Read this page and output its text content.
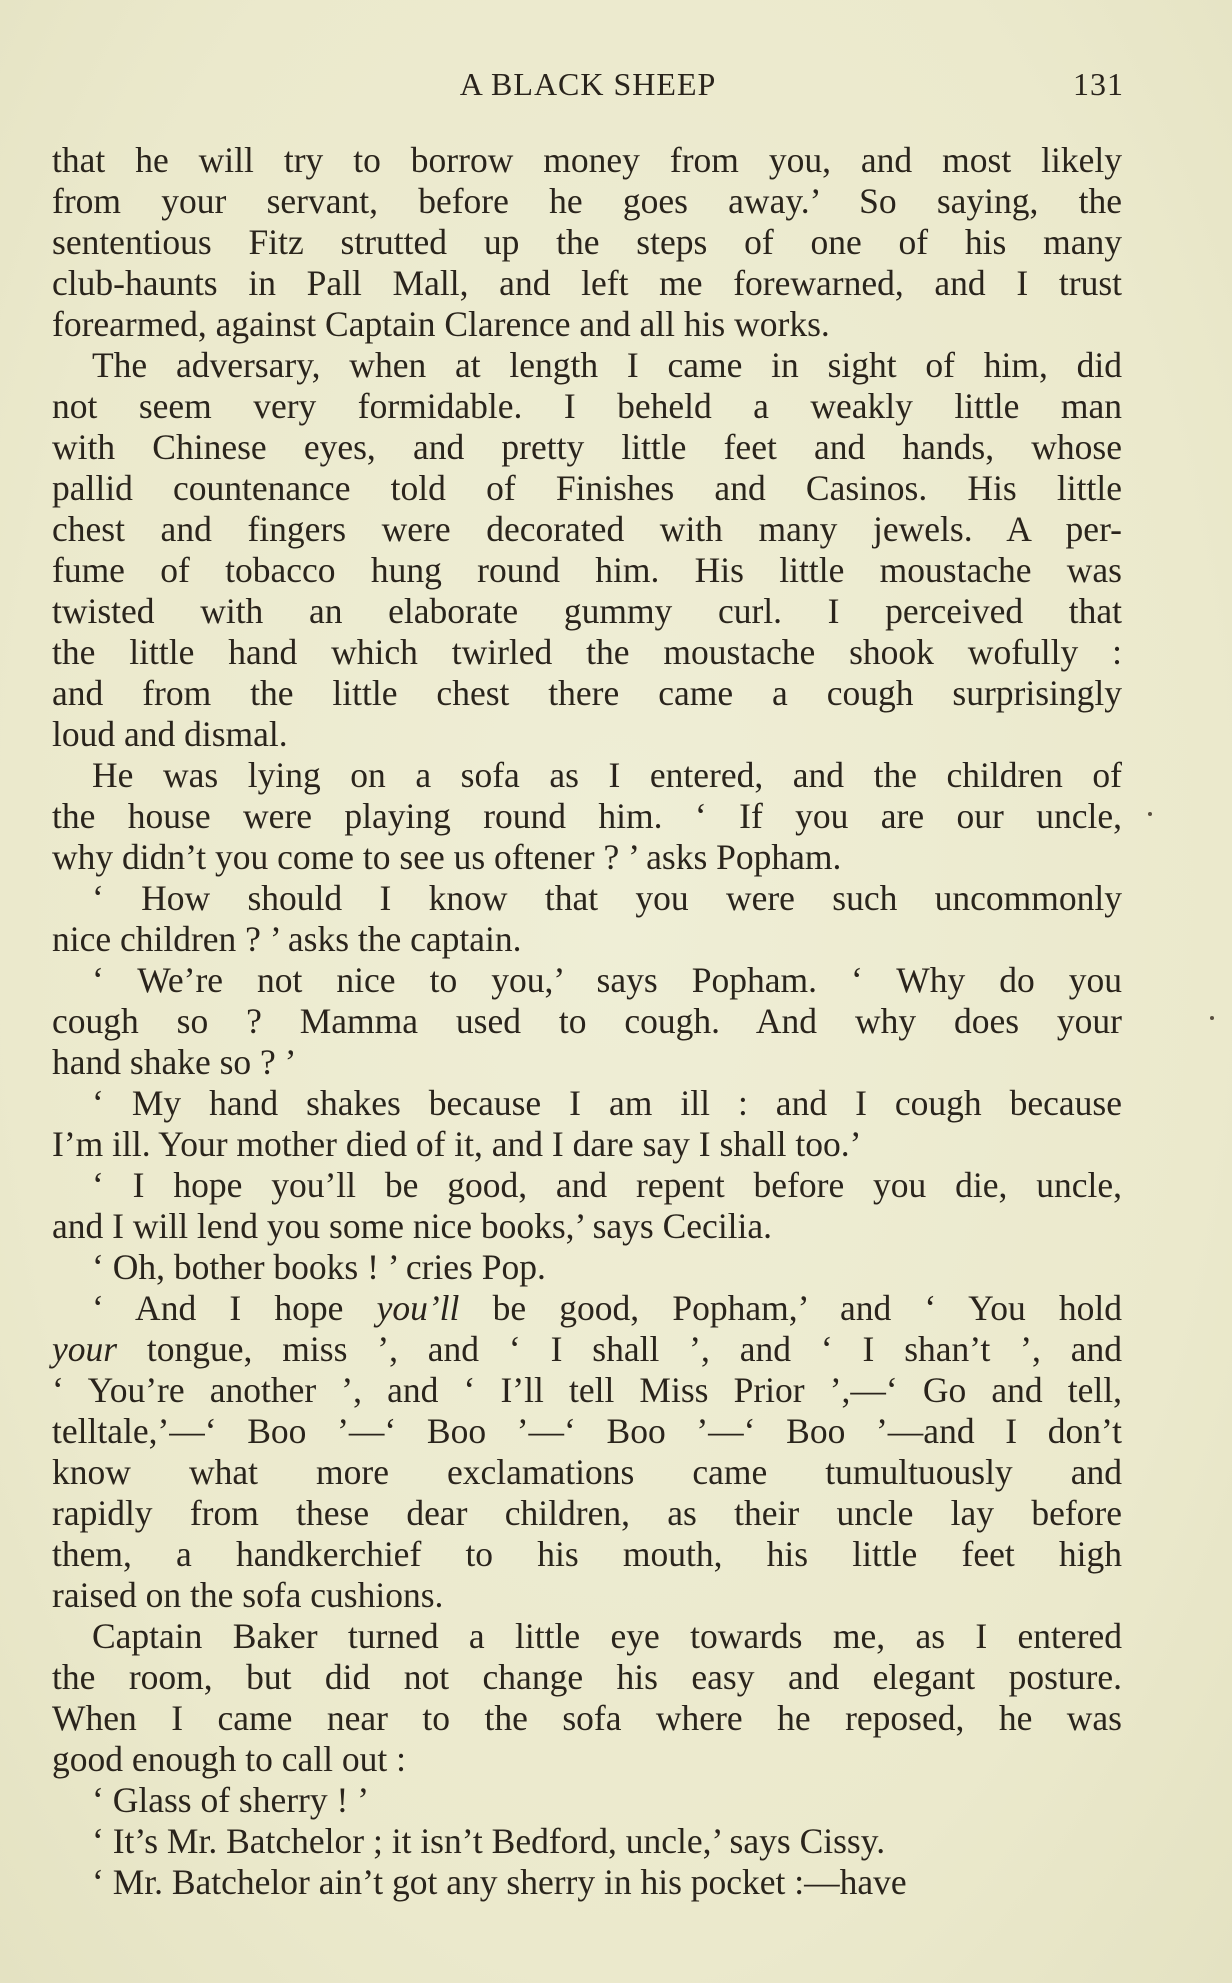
A BLACK SHEEP	131
that he will try to borrow money from you, and most likely
from your servant, before he goes away.’ So saying, the
sententious Fitz strutted up the steps of one of his many
club-haunts in Pall Mall, and left me forewarned, and I trust
forearmed, against Captain Clarence and all his works.
The adversary, when at length I came in sight of him, did
not seem very formidable. I beheld a weakly little man
with Chinese eyes, and pretty little feet and hands, whose
pallid countenance told of Finishes and Casinos. His little
chest and fingers were decorated with many jewels. A per-
fume of tobacco hung round him. His little moustache was
twisted with an elaborate gummy curl. I perceived that
the little hand which twirled the moustache shook wofully :
and from the little chest there came a cough surprisingly
loud and dismal.
He was lying on a sofa as I entered, and the children of
the house were playing round him. ‘ If you are our uncle,
why didn’t you come to see us oftener ? ’ asks Popham.
‘ How should I know that you were such uncommonly
nice children ? ’ asks the captain.
‘ We’re not nice to you,’ says Popham. ‘ Why do you
cough so ? Mamma used to cough. And why does your
hand shake so ? ’
‘ My hand shakes because I am ill : and I cough because
I’m ill. Your mother died of it, and I dare say I shall too.’
‘ I hope you’ll be good, and repent before you die, uncle,
and I will lend you some nice books,’ says Cecilia.
‘ Oh, bother books ! ’ cries Pop.
‘ And I hope you’ll be good, Popham,’ and ‘ You hold
your tongue, miss ’, and ‘ I shall ’, and ‘ I shan’t ’, and
‘ You’re another ’, and ‘ I’ll tell Miss Prior ’,—‘ Go and tell,
telltale,’—‘ Boo ’—‘ Boo ’—‘ Boo ’—‘ Boo ’—and I don’t
know what more exclamations came tumultuously and
rapidly from these dear children, as their uncle lay before
them, a handkerchief to his mouth, his little feet high
raised on the sofa cushions.
Captain Baker turned a little eye towards me, as I entered
the room, but did not change his easy and elegant posture.
When I came near to the sofa where he reposed, he was
good enough to call out :
‘ Glass of sherry ! ’
‘ It’s Mr. Batchelor ; it isn’t Bedford, uncle,’ says Cissy.
‘ Mr. Batchelor ain’t got any sherry in his pocket :—have
